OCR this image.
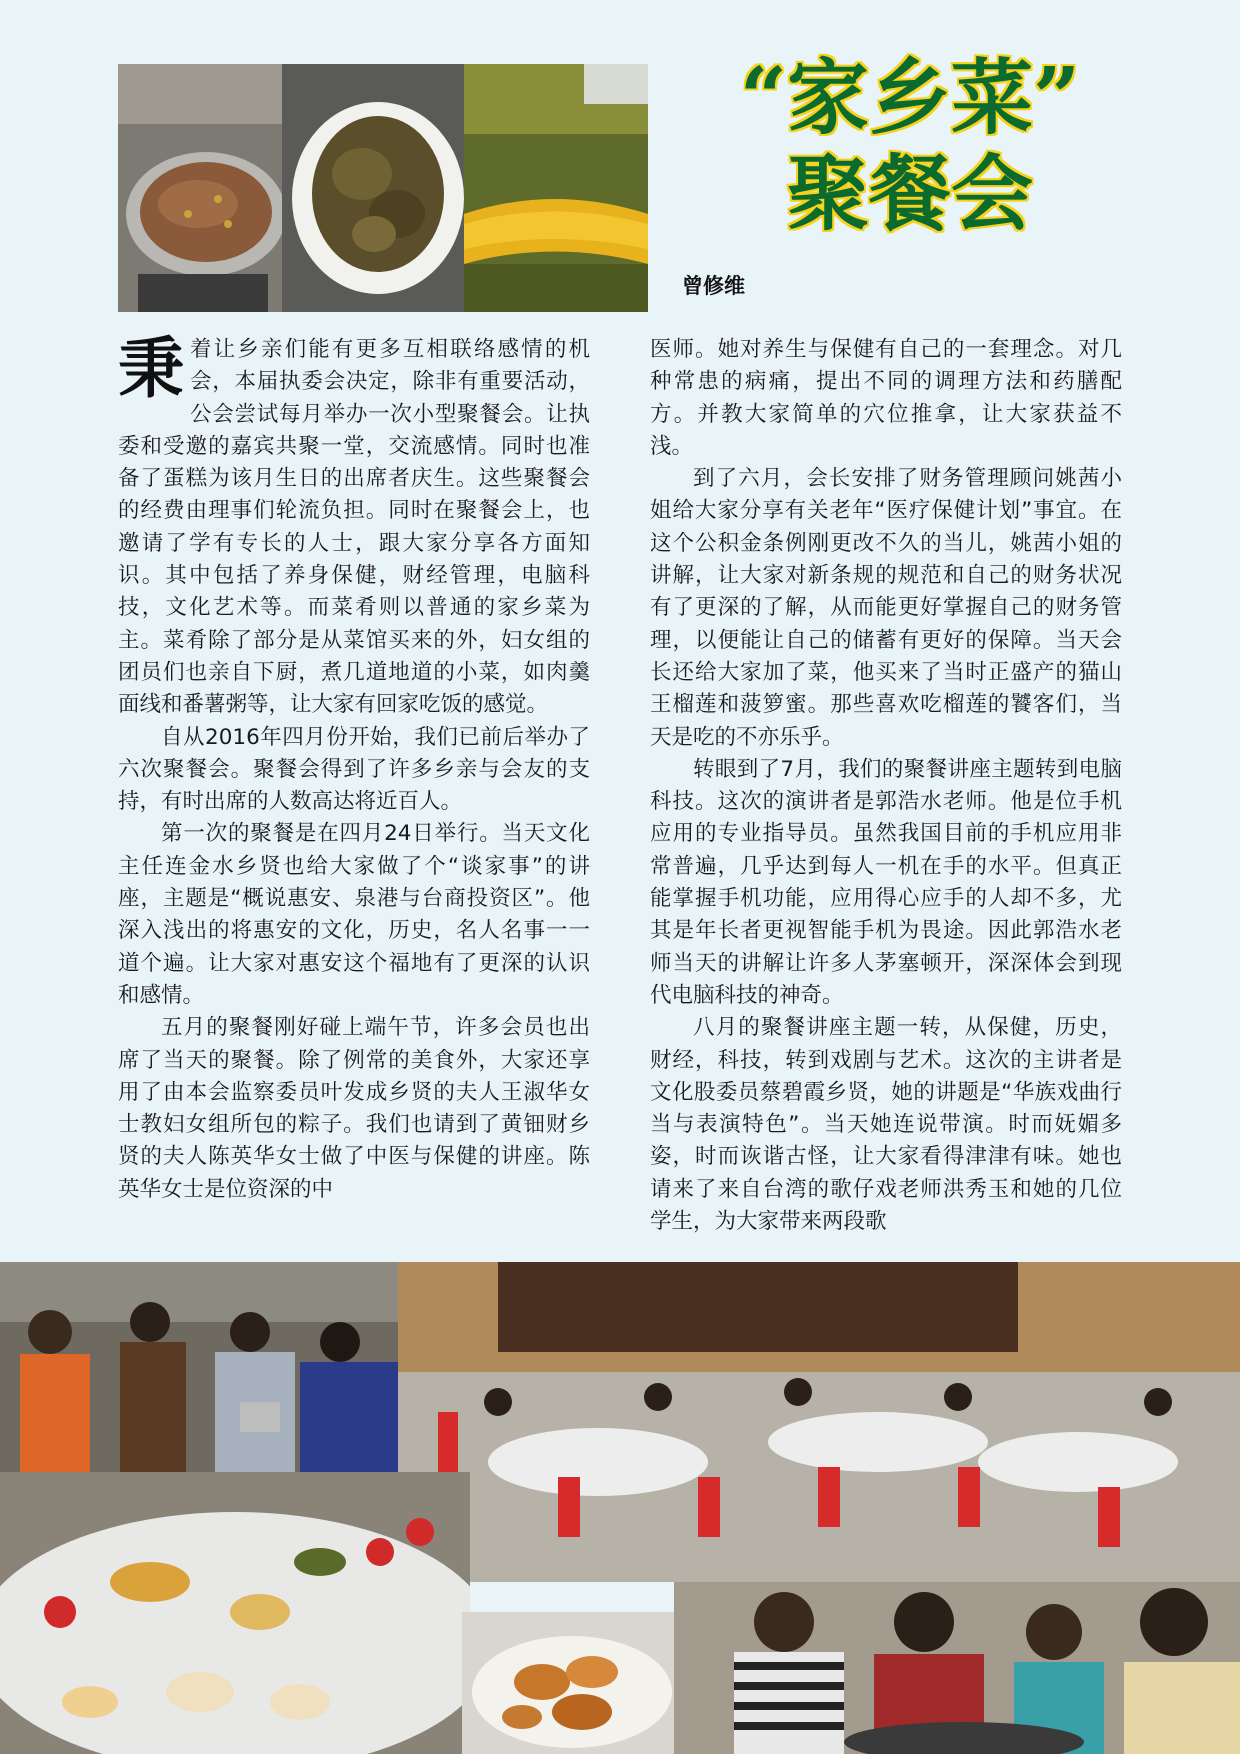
“家乡菜”
聚餐会
曾修维

秉着让乡亲们能有更多互相联络感情的机会，本届执委会决定，除非有重要活动，公会尝试每月举办一次小型聚餐会。让执委和受邀的嘉宾共聚一堂，交流感情。同时也准备了蛋糕为该月生日的出席者庆生。这些聚餐会的经费由理事们轮流负担。同时在聚餐会上，也邀请了学有专长的人士，跟大家分享各方面知识。其中包括了养身保健，财经管理，电脑科技，文化艺术等。而菜肴则以普通的家乡菜为主。菜肴除了部分是从菜馆买来的外，妇女组的团员们也亲自下厨，煮几道地道的小菜，如肉羹面线和番薯粥等，让大家有回家吃饭的感觉。

自从2016年四月份开始，我们已前后举办了六次聚餐会。聚餐会得到了许多乡亲与会友的支持，有时出席的人数高达将近百人。

第一次的聚餐是在四月24日举行。当天文化主任连金水乡贤也给大家做了个“谈家事”的讲座，主题是“概说惠安、泉港与台商投资区”。他深入浅出的将惠安的文化，历史，名人名事一一道个遍。让大家对惠安这个福地有了更深的认识和感情。

五月的聚餐刚好碰上端午节，许多会员也出席了当天的聚餐。除了例常的美食外，大家还享用了由本会监察委员叶发成乡贤的夫人王淑华女士教妇女组所包的粽子。我们也请到了黄钿财乡贤的夫人陈英华女士做了中医与保健的讲座。陈英华女士是位资深的中

医师。她对养生与保健有自己的一套理念。对几种常患的病痛，提出不同的调理方法和药膳配方。并教大家简单的穴位推拿，让大家获益不浅。

到了六月，会长安排了财务管理顾问姚茜小姐给大家分享有关老年“医疗保健计划”事宜。在这个公积金条例刚更改不久的当儿，姚茜小姐的讲解，让大家对新条规的规范和自己的财务状况有了更深的了解，从而能更好掌握自己的财务管理，以便能让自己的储蓄有更好的保障。当天会长还给大家加了菜，他买来了当时正盛产的猫山王榴莲和菠箩蜜。那些喜欢吃榴莲的饕客们，当天是吃的不亦乐乎。

转眼到了7月，我们的聚餐讲座主题转到电脑科技。这次的演讲者是郭浩水老师。他是位手机应用的专业指导员。虽然我国目前的手机应用非常普遍，几乎达到每人一机在手的水平。但真正能掌握手机功能，应用得心应手的人却不多，尤其是年长者更视智能手机为畏途。因此郭浩水老师当天的讲解让许多人茅塞顿开，深深体会到现代电脑科技的神奇。

八月的聚餐讲座主题一转，从保健，历史，财经，科技，转到戏剧与艺术。这次的主讲者是文化股委员蔡碧霞乡贤，她的讲题是“华族戏曲行当与表演特色”。当天她连说带演。时而妩媚多姿，时而诙谐古怪，让大家看得津津有味。她也请来了来自台湾的歌仔戏老师洪秀玉和她的几位学生，为大家带来两段歌
